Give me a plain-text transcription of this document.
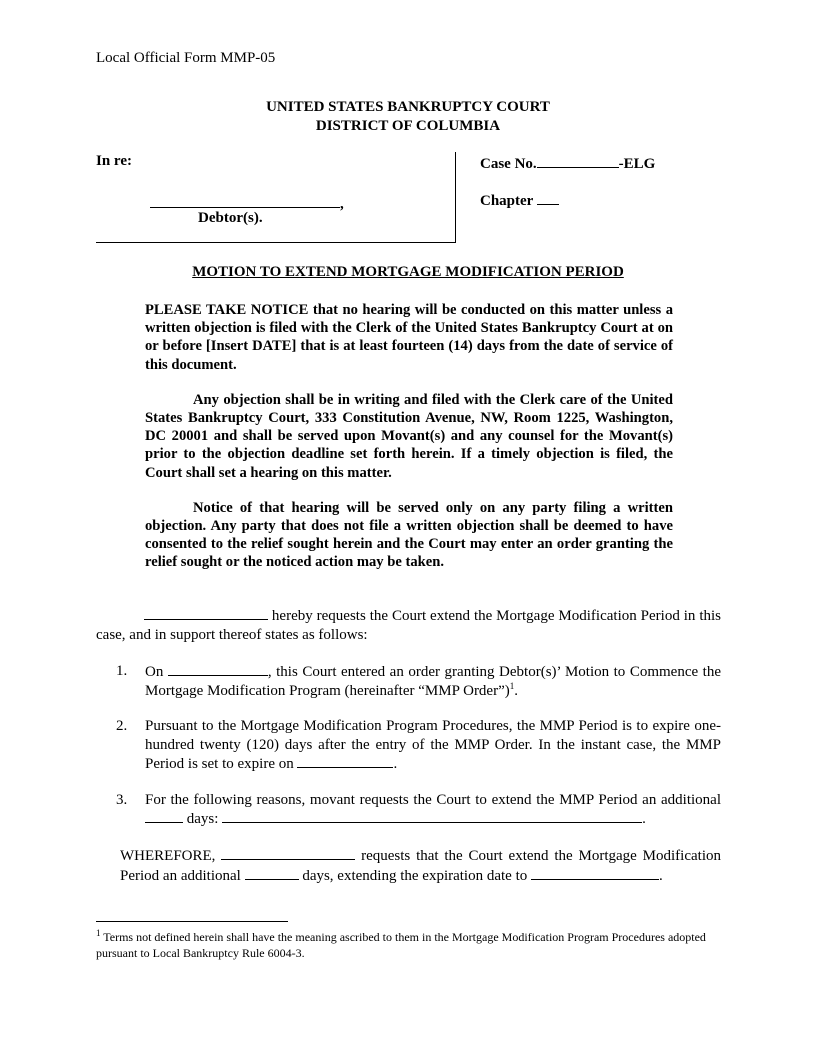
Local Official Form MMP-05
UNITED STATES BANKRUPTCY COURT
DISTRICT OF COLUMBIA
In re:
,
Debtor(s).
Case No.	-ELG
Chapter
MOTION TO EXTEND MORTGAGE MODIFICATION PERIOD

PLEASE TAKE NOTICE that no hearing will be conducted on this matter unless a written objection is filed with the Clerk of the United States Bankruptcy Court at on or before [Insert DATE] that is at least fourteen (14) days from the date of service of this document.

Any objection shall be in writing and filed with the Clerk care of the United States Bankruptcy Court, 333 Constitution Avenue, NW, Room 1225, Washington, DC 20001 and shall be served upon Movant(s) and any counsel for the Movant(s) prior to the objection deadline set forth herein. If a timely objection is filed, the Court shall set a hearing on this matter.

Notice of that hearing will be served only on any party filing a written objection. Any party that does not file a written objection shall be deemed to have consented to the relief sought herein and the Court may enter an order granting the relief sought or the noticed action may be taken.

hereby requests the Court extend the Mortgage Modification Period in this case, and in support thereof states as follows:

1. On	, this Court entered an order granting Debtor(s)’ Motion to Commence the Mortgage Modification Program (hereinafter “MMP Order”)$^1$.
2. Pursuant to the Mortgage Modification Program Procedures, the MMP Period is to expire one-hundred twenty (120) days after the entry of the MMP Order. In the instant case, the MMP Period is set to expire on	.
3. For the following reasons, movant requests the Court to extend the MMP Period an additional  days:	.
WHEREFORE,	requests that the Court extend the Mortgage Modification Period an additional	days, extending the expiration date to	.
$^1$ Terms not defined herein shall have the meaning ascribed to them in the Mortgage Modification Program Procedures adopted pursuant to Local Bankruptcy Rule 6004-3.
